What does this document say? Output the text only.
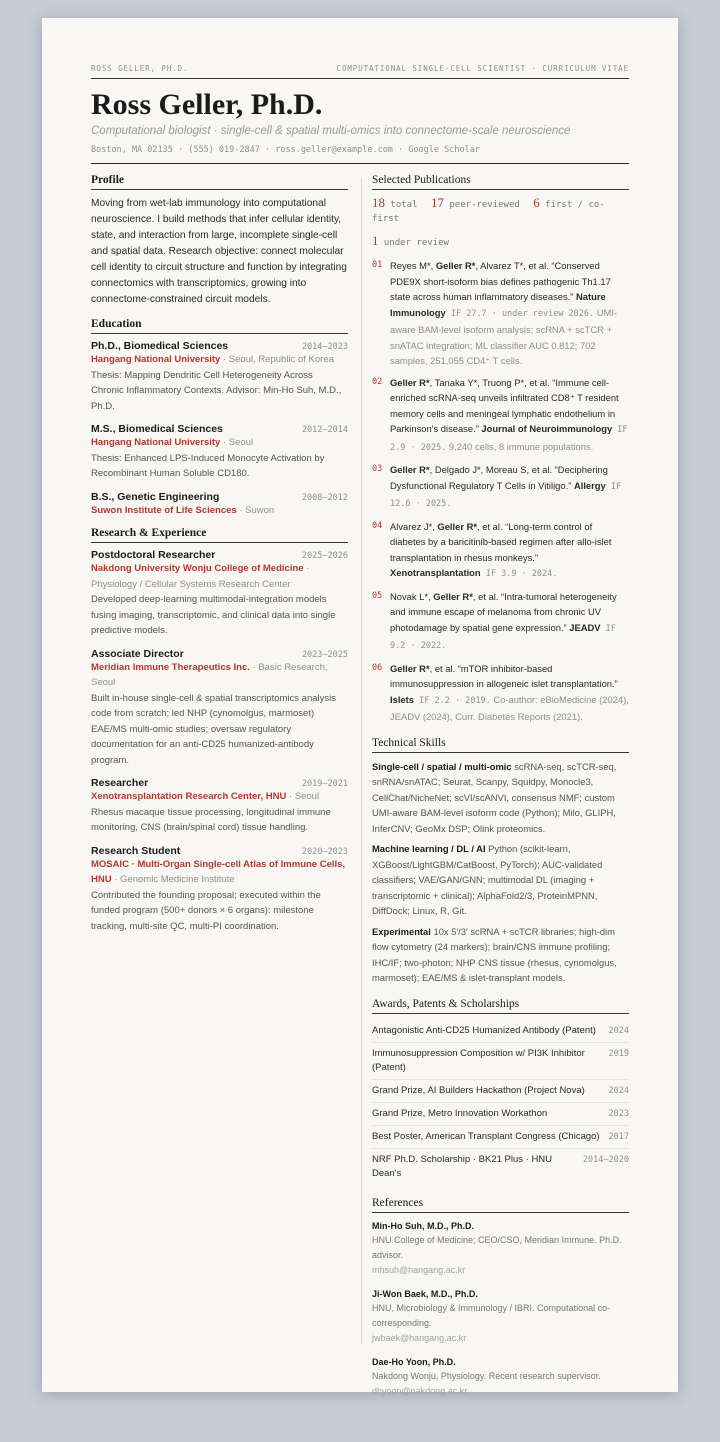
ROSS GELLER, PH.D.	COMPUTATIONAL SINGLE-CELL SCIENTIST · CURRICULUM VITAE
Ross Geller, Ph.D.
Computational biologist · single-cell & spatial multi-omics into connectome-scale neuroscience
Boston, MA 02135 · (555) 019-2847 · ross.geller@example.com · Google Scholar
Profile

Moving from wet-lab immunology into computational neuroscience. I build methods that infer cellular identity, state, and interaction from large, incomplete single-cell and spatial data. Research objective: connect molecular cell identity to circuit structure and function by integrating connectomics with transcriptomics, growing into connectome-constrained circuit models.

Education
Ph.D., Biomedical Sciences	2014–2023
Hangang National University · Seoul, Republic of Korea
Thesis: Mapping Dendritic Cell Heterogeneity Across Chronic Inflammatory Contexts. Advisor: Min-Ho Suh, M.D., Ph.D.
M.S., Biomedical Sciences	2012–2014
Hangang National University · Seoul
Thesis: Enhanced LPS-Induced Monocyte Activation by Recombinant Human Soluble CD180.
B.S., Genetic Engineering	2008–2012
Suwon Institute of Life Sciences · Suwon
Research & Experience
Postdoctoral Researcher	2025–2026
Nakdong University Wonju College of Medicine · Physiology / Cellular Systems Research Center
Developed deep-learning multimodal-integration models fusing imaging, transcriptomic, and clinical data into single predictive models.
Associate Director	2023–2025
Meridian Immune Therapeutics Inc. · Basic Research, Seoul
Built in-house single-cell & spatial transcriptomics analysis code from scratch; led NHP (cynomolgus, marmoset) EAE/MS multi-omic studies; oversaw regulatory documentation for an anti-CD25 humanized-antibody program.
Researcher	2019–2021
Xenotransplantation Research Center, HNU · Seoul
Rhesus macaque tissue processing, longitudinal immune monitoring, CNS (brain/spinal cord) tissue handling.
Research Student	2020–2023
MOSAIC · Multi-Organ Single-cell Atlas of Immune Cells, HNU · Genomic Medicine Institute
Contributed the founding proposal; executed within the funded program (500+ donors × 6 organs): milestone tracking, multi-site QC, multi-PI coordination.
Selected Publications
18 total 17 peer-reviewed 6 first / co-first
1 under review
01 Reyes M*, Geller R*, Alvarez T*, et al. “Conserved PDE9X short-isoform bias defines pathogenic Th1.17 state across human inflammatory diseases.” Nature Immunology IF 27.7 · under review 2026. UMI-aware BAM-level isoform analysis; scRNA + scTCR + snATAC integration; ML classifier AUC 0.812; 702 samples, 251,055 CD4⁺ T cells.
02 Geller R*, Tanaka Y*, Truong P*, et al. “Immune cell-enriched scRNA-seq unveils infiltrated CD8⁺ T resident memory cells and meningeal lymphatic endothelium in Parkinson's disease.” Journal of Neuroimmunology IF 2.9 · 2025. 9,240 cells, 8 immune populations.
03 Geller R*, Delgado J*, Moreau S, et al. “Deciphering Dysfunctional Regulatory T Cells in Vitiligo.” Allergy IF 12.6 · 2025.
04 Alvarez J*, Geller R*, et al. “Long-term control of diabetes by a baricitinib-based regimen after allo-islet transplantation in rhesus monkeys.” Xenotransplantation IF 3.9 · 2024.
05 Novak L*, Geller R*, et al. “Intra-tumoral heterogeneity and immune escape of melanoma from chronic UV photodamage by spatial gene expression.” JEADV IF 9.2 · 2022.
06 Geller R*, et al. “mTOR inhibitor-based immunosuppression in allogeneic islet transplantation.” Islets IF 2.2 · 2019. Co-author: eBioMedicine (2024), JEADV (2024), Curr. Diabetes Reports (2021).
Technical Skills
Single-cell / spatial / multi-omic scRNA-seq, scTCR-seq, snRNA/snATAC; Seurat, Scanpy, Squidpy, Monocle3, CellChat/NicheNet; scVI/scANVI, consensus NMF; custom UMI-aware BAM-level isoform code (Python); Milo, GLIPH, InferCNV; GeoMx DSP; Olink proteomics.
Machine learning / DL / AI Python (scikit-learn, XGBoost/LightGBM/CatBoost, PyTorch); AUC-validated classifiers; VAE/GAN/GNN; multimodal DL (imaging + transcriptomic + clinical); AlphaFold2/3, ProteinMPNN, DiffDock; Linux, R, Git.
Experimental 10x 5′/3′ scRNA + scTCR libraries; high-dim flow cytometry (24 markers); brain/CNS immune profiling; IHC/IF; two-photon; NHP CNS tissue (rhesus, cynomolgus, marmoset); EAE/MS & islet-transplant models.
Awards, Patents & Scholarships
Antagonistic Anti-CD25 Humanized Antibody (Patent) 2024
Immunosuppression Composition w/ PI3K Inhibitor (Patent)
2019
Grand Prize, AI Builders Hackathon (Project Nova)	2024
Grand Prize, Metro Innovation Workathon	2023
Best Poster, American Transplant Congress (Chicago) 2017
NRF Ph.D. Scholarship · BK21 Plus · HNU Dean's
2014–2020
References
Min-Ho Suh, M.D., Ph.D.
HNU College of Medicine; CEO/CSO, Meridian Immune. Ph.D. advisor.
mhsuh@hangang.ac.kr
Ji-Won Baek, M.D., Ph.D.
HNU, Microbiology & Immunology / IBRI. Computational co-corresponding.
jwbaek@hangang.ac.kr
Dae-Ho Yoon, Ph.D.
Nakdong Wonju, Physiology. Recent research supervisor.
dhyoon@nakdong.ac.kr
